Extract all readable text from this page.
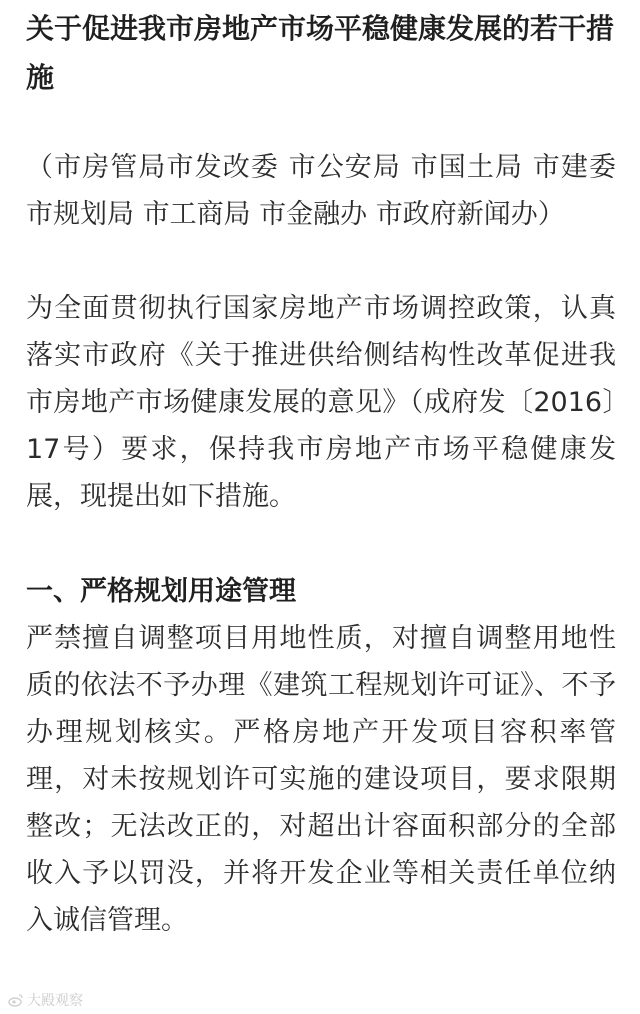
关于促进我市房地产市场平稳健康发展的若干措施

（市房管局市发改委 市公安局 市国土局 市建委 市规划局 市工商局 市金融办 市政府新闻办）

为全面贯彻执行国家房地产市场调控政策，认真落实市政府《关于推进供给侧结构性改革促进我市房地产市场健康发展的意见》（成府发〔2016〕17号）要求，保持我市房地产市场平稳健康发展，现提出如下措施。

一、严格规划用途管理

严禁擅自调整项目用地性质，对擅自调整用地性质的依法不予办理《建筑工程规划许可证》、不予办理规划核实。严格房地产开发项目容积率管理，对未按规划许可实施的建设项目，要求限期整改；无法改正的，对超出计容面积部分的全部收入予以罚没，并将开发企业等相关责任单位纳入诚信管理。

大殿观察
